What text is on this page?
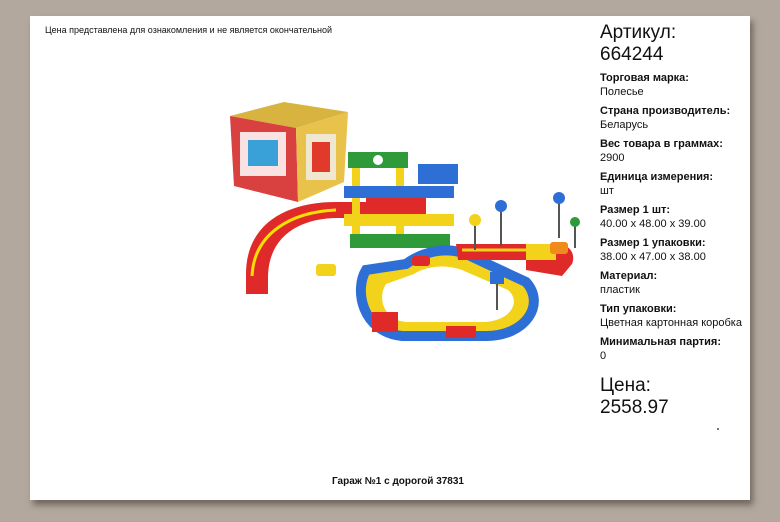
Цена представлена для ознакомления и не является окончательной	Артикул:
664244
Торговая марка:
Полесье
Страна производитель:
Беларусь
Вес товара в граммах:
2900
Единица измерения:
шт
Размер 1 шт:
40.00 x 48.00 x 39.00
Размер 1 упаковки:
38.00 x 47.00 x 38.00
Материал:
пластик
Тип упаковки:
Цветная картонная коробка
Минимальная партия:
0
Цена:
2558.97
Гараж №1 с дорогой 37831
